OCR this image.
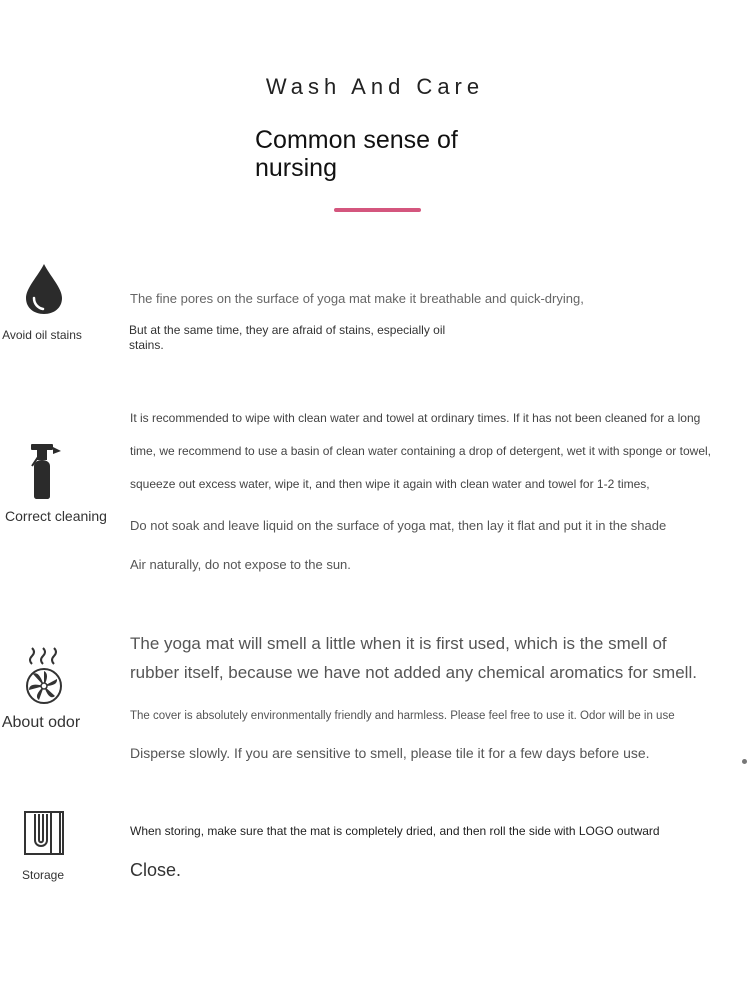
Wash And Care
Common sense of
nursing
Avoid oil stains
The fine pores on the surface of yoga mat make it breathable and quick-drying,
But at the same time, they are afraid of stains, especially oil
stains.
Correct cleaning
It is recommended to wipe with clean water and towel at ordinary times. If it has not been cleaned for a long
time, we recommend to use a basin of clean water containing a drop of detergent, wet it with sponge or towel,
squeeze out excess water, wipe it, and then wipe it again with clean water and towel for 1-2 times,
Do not soak and leave liquid on the surface of yoga mat, then lay it flat and put it in the shade
Air naturally, do not expose to the sun.
About odor
The yoga mat will smell a little when it is first used, which is the smell of
rubber itself, because we have not added any chemical aromatics for smell.
The cover is absolutely environmentally friendly and harmless. Please feel free to use it. Odor will be in use
Disperse slowly. If you are sensitive to smell, please tile it for a few days before use.
Storage
When storing, make sure that the mat is completely dried, and then roll the side with LOGO outward
Close.
